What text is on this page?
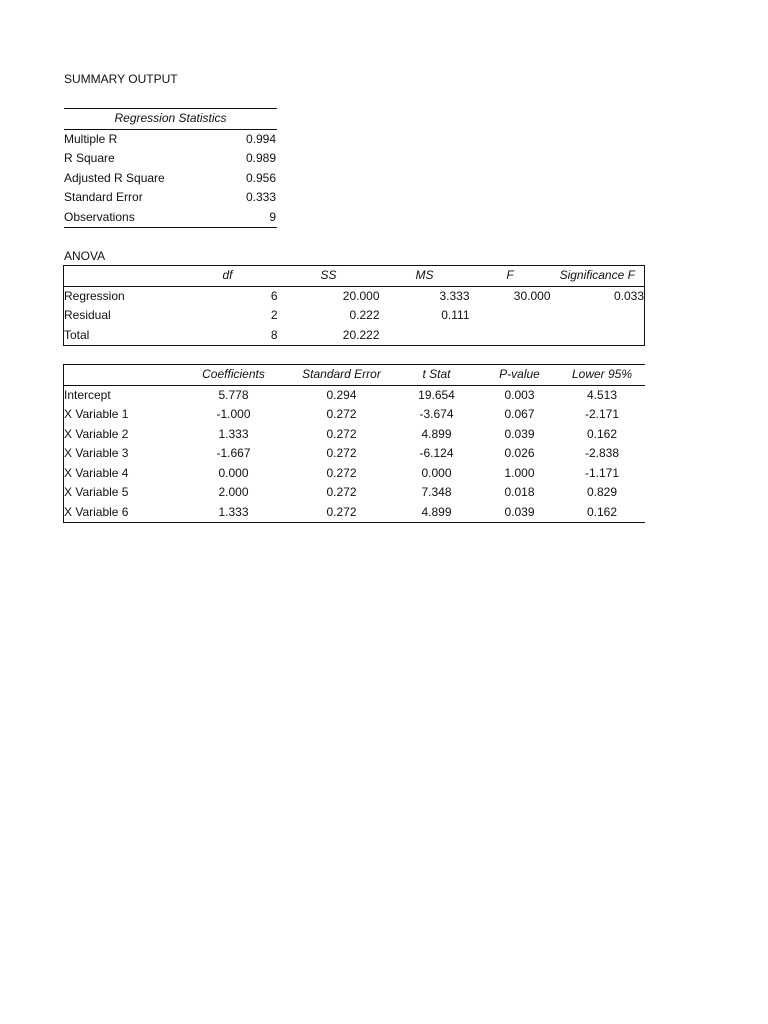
SUMMARY OUTPUT
Regression Statistics	
Multiple R	0.994
R Square	0.989
Adjusted R Square	0.956
Standard Error	0.333
Observations	9
ANOVA
	df	SS	MS	F	Significance F
Regression	6	20.000	3.333	30.000	0.033
Residual	2	0.222	0.111		
Total	8	20.222			
	Coefficients	Standard Error	t Stat	P-value	Lower 95%
Intercept	5.778	0.294	19.654	0.003	4.513
X Variable 1	-1.000	0.272	-3.674	0.067	-2.171
X Variable 2	1.333	0.272	4.899	0.039	0.162
X Variable 3	-1.667	0.272	-6.124	0.026	-2.838
X Variable 4	0.000	0.272	0.000	1.000	-1.171
X Variable 5	2.000	0.272	7.348	0.018	0.829
X Variable 6	1.333	0.272	4.899	0.039	0.162
